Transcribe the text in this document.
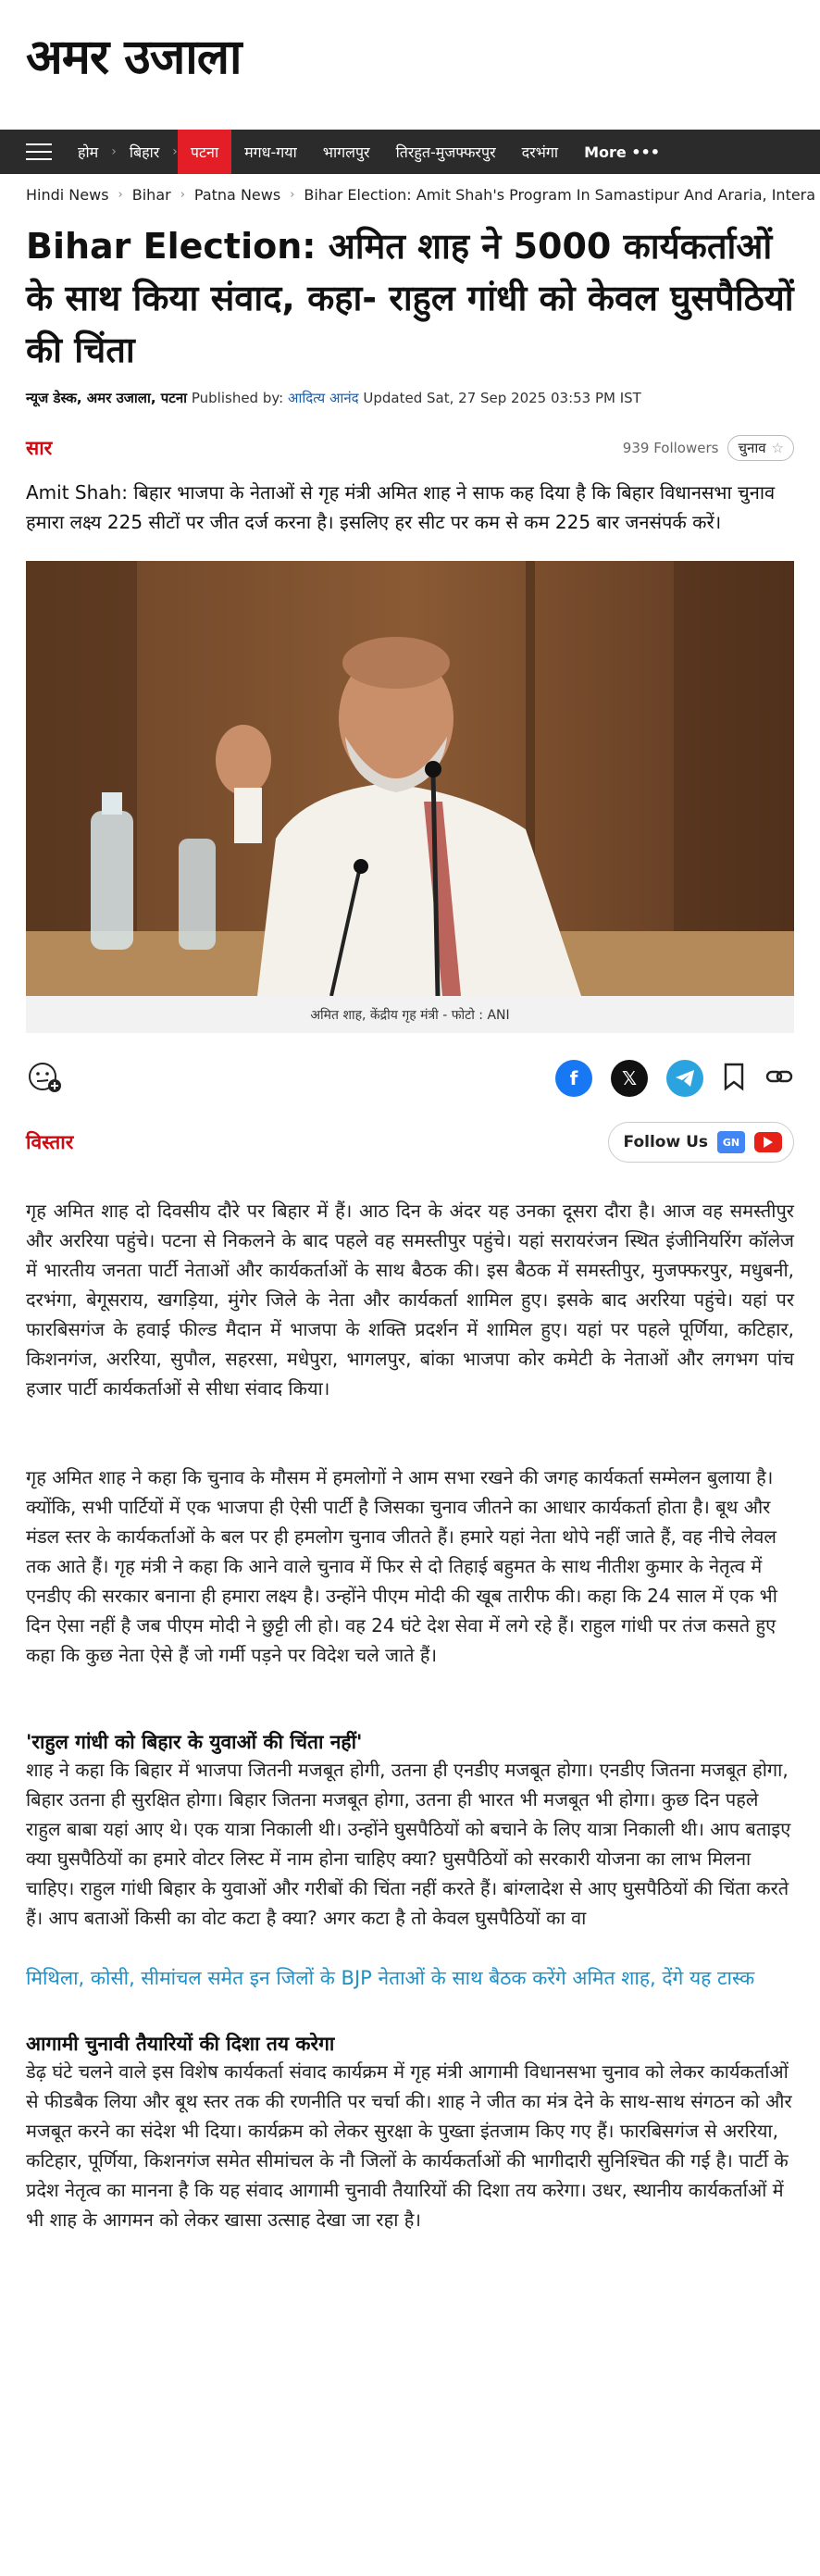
अमर उजाला
होम	› बिहार	› पटना	मगध-गया	भागलपुर	तिरहुत-मुजफ्फरपुर	दरभंगा	More •••
Hindi News › Bihar › Patna News › Bihar Election: Amit Shah's Program In Samastipur And Araria, Intera
Bihar Election: अमित शाह ने 5000 कार्यकर्ताओं के साथ किया संवाद, कहा- राहुल गांधी को केवल घुसपैठियों की चिंता
न्यूज डेस्क, अमर उजाला, पटना Published by: आदित्य आनंद Updated Sat, 27 Sep 2025 03:53 PM IST
सार	939 Followers चुनाव ☆

Amit Shah: बिहार भाजपा के नेताओं से गृह मंत्री अमित शाह ने साफ कह दिया है कि बिहार विधानसभा चुनाव हमारा लक्ष्य 225 सीटों पर जीत दर्ज करना है। इसलिए हर सीट पर कम से कम 225 बार जनसंपर्क करें।

अमित शाह, केंद्रीय गृह मंत्री - फोटो : ANI
f	𝕏
विस्तार	Follow Us	GN

गृह अमित शाह दो दिवसीय दौरे पर बिहार में हैं। आठ दिन के अंदर यह उनका दूसरा दौरा है। आज वह समस्तीपुर और अररिया पहुंचे। पटना से निकलने के बाद पहले वह समस्तीपुर पहुंचे। यहां सरायरंजन स्थित इंजीनियरिंग कॉलेज में भारतीय जनता पार्टी नेताओं और कार्यकर्ताओं के साथ बैठक की। इस बैठक में समस्तीपुर, मुजफ्फरपुर, मधुबनी, दरभंगा, बेगूसराय, खगड़िया, मुंगेर जिले के नेता और कार्यकर्ता शामिल हुए। इसके बाद अररिया पहुंचे। यहां पर फारबिसगंज के हवाई फील्ड मैदान में भाजपा के शक्ति प्रदर्शन में शामिल हुए। यहां पर पहले पूर्णिया, कटिहार, किशनगंज, अररिया, सुपौल, सहरसा, मधेपुरा, भागलपुर, बांका भाजपा कोर कमेटी के नेताओं और लगभग पांच हजार पार्टी कार्यकर्ताओं से सीधा संवाद किया।

गृह अमित शाह ने कहा कि चुनाव के मौसम में हमलोगों ने आम सभा रखने की जगह कार्यकर्ता सम्मेलन बुलाया है। क्योंकि, सभी पार्टियों में एक भाजपा ही ऐसी पार्टी है जिसका चुनाव जीतने का आधार कार्यकर्ता होता है। बूथ और मंडल स्तर के कार्यकर्ताओं के बल पर ही हमलोग चुनाव जीतते हैं। हमारे यहां नेता थोपे नहीं जाते हैं, वह नीचे लेवल तक आते हैं। गृह मंत्री ने कहा कि आने वाले चुनाव में फिर से दो तिहाई बहुमत के साथ नीतीश कुमार के नेतृत्व में एनडीए की सरकार बनाना ही हमारा लक्ष्य है। उन्होंने पीएम मोदी की खूब तारीफ की। कहा कि 24 साल में एक भी दिन ऐसा नहीं है जब पीएम मोदी ने छुट्टी ली हो। वह 24 घंटे देश सेवा में लगे रहे हैं। राहुल गांधी पर तंज कसते हुए कहा कि कुछ नेता ऐसे हैं जो गर्मी पड़ने पर विदेश चले जाते हैं।

'राहुल गांधी को बिहार के युवाओं की चिंता नहीं'

शाह ने कहा कि बिहार में भाजपा जितनी मजबूत होगी, उतना ही एनडीए मजबूत होगा। एनडीए जितना मजबूत होगा, बिहार उतना ही सुरक्षित होगा। बिहार जितना मजबूत होगा, उतना ही भारत भी मजबूत भी होगा। कुछ दिन पहले राहुल बाबा यहां आए थे। एक यात्रा निकाली थी। उन्होंने घुसपैठियों को बचाने के लिए यात्रा निकाली थी। आप बताइए क्या घुसपैठियों का हमारे वोटर लिस्ट में नाम होना चाहिए क्या? घुसपैठियों को सरकारी योजना का लाभ मिलना चाहिए। राहुल गांधी बिहार के युवाओं और गरीबों की चिंता नहीं करते हैं। बांग्लादेश से आए घुसपैठियों की चिंता करते हैं। आप बताओं किसी का वोट कटा है क्या? अगर कटा है तो केवल घुसपैठियों का वा

मिथिला, कोसी, सीमांचल समेत इन जिलों के BJP नेताओं के साथ बैठक करेंगे अमित शाह, देंगे यह टास्क

आगामी चुनावी तैयारियों की दिशा तय करेगा

डेढ़ घंटे चलने वाले इस विशेष कार्यकर्ता संवाद कार्यक्रम में गृह मंत्री आगामी विधानसभा चुनाव को लेकर कार्यकर्ताओं से फीडबैक लिया और बूथ स्तर तक की रणनीति पर चर्चा की। शाह ने जीत का मंत्र देने के साथ-साथ संगठन को और मजबूत करने का संदेश भी दिया। कार्यक्रम को लेकर सुरक्षा के पुख्ता इंतजाम किए गए हैं। फारबिसगंज से अररिया, कटिहार, पूर्णिया, किशनगंज समेत सीमांचल के नौ जिलों के कार्यकर्ताओं की भागीदारी सुनिश्चित की गई है। पार्टी के प्रदेश नेतृत्व का मानना है कि यह संवाद आगामी चुनावी तैयारियों की दिशा तय करेगा। उधर, स्थानीय कार्यकर्ताओं में भी शाह के आगमन को लेकर खासा उत्साह देखा जा रहा है।
